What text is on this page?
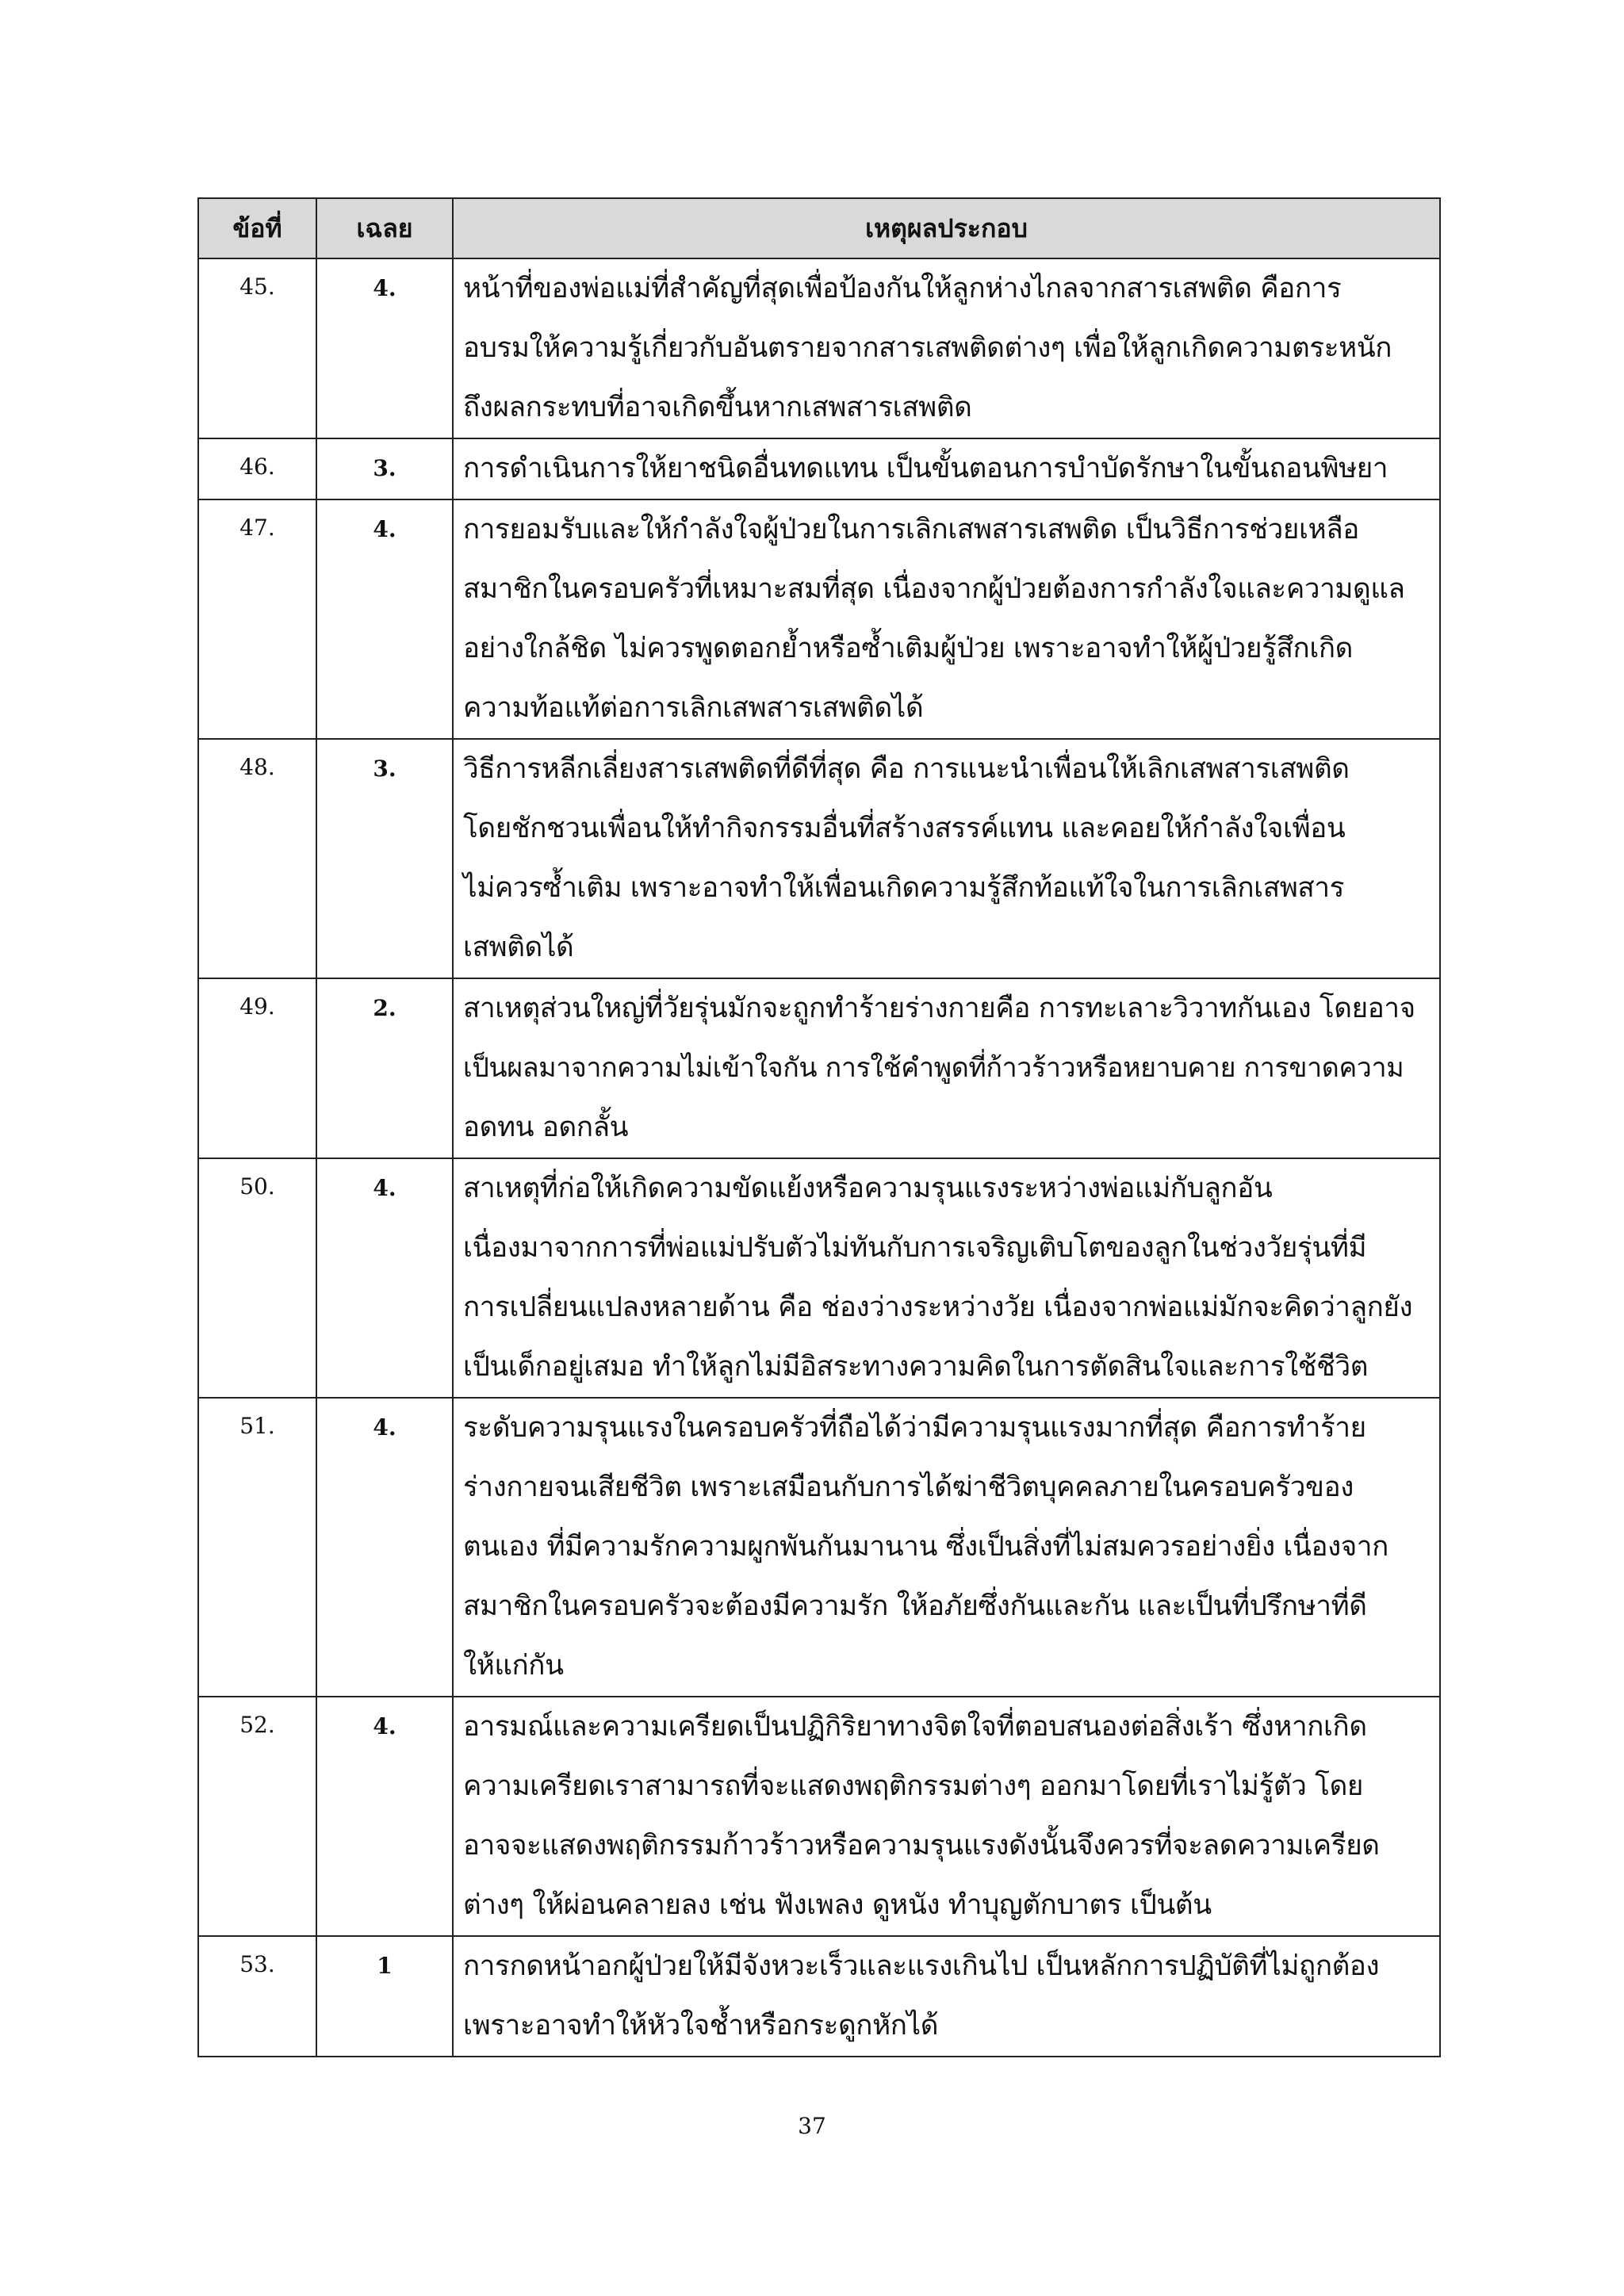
ข้อที่	เฉลย	เหตุผลประกอบ
45.	4.	หน้าที่ของพ่อแม่ที่สำคัญที่สุดเพื่อป้องกันให้ลูกห่างไกลจากสารเสพติด คือการ
อบรมให้ความรู้เกี่ยวกับอันตรายจากสารเสพติดต่างๆ เพื่อให้ลูกเกิดความตระหนัก
ถึงผลกระทบที่อาจเกิดขึ้นหากเสพสารเสพติด

46.	3.	การดำเนินการให้ยาชนิดอื่นทดแทน เป็นขั้นตอนการบำบัดรักษาในขั้นถอนพิษยา

47.	4.	การยอมรับและให้กำลังใจผู้ป่วยในการเลิกเสพสารเสพติด เป็นวิธีการช่วยเหลือ
สมาชิกในครอบครัวที่เหมาะสมที่สุด เนื่องจากผู้ป่วยต้องการกำลังใจและความดูแล
อย่างใกล้ชิด ไม่ควรพูดตอกย้ำหรือซ้ำเติมผู้ป่วย เพราะอาจทำให้ผู้ป่วยรู้สึกเกิด
ความท้อแท้ต่อการเลิกเสพสารเสพติดได้

48.	3.	วิธีการหลีกเลี่ยงสารเสพติดที่ดีที่สุด คือ การแนะนำเพื่อนให้เลิกเสพสารเสพติด
โดยชักชวนเพื่อนให้ทำกิจกรรมอื่นที่สร้างสรรค์แทน และคอยให้กำลังใจเพื่อน
ไม่ควรซ้ำเติม เพราะอาจทำให้เพื่อนเกิดความรู้สึกท้อแท้ใจในการเลิกเสพสาร
เสพติดได้

49.	2.	สาเหตุส่วนใหญ่ที่วัยรุ่นมักจะถูกทำร้ายร่างกายคือ การทะเลาะวิวาทกันเอง โดยอาจ
เป็นผลมาจากความไม่เข้าใจกัน การใช้คำพูดที่ก้าวร้าวหรือหยาบคาย การขาดความ
อดทน อดกลั้น

50.	4.	สาเหตุที่ก่อให้เกิดความขัดแย้งหรือความรุนแรงระหว่างพ่อแม่กับลูกอัน
เนื่องมาจากการที่พ่อแม่ปรับตัวไม่ทันกับการเจริญเติบโตของลูกในช่วงวัยรุ่นที่มี
การเปลี่ยนแปลงหลายด้าน คือ ช่องว่างระหว่างวัย เนื่องจากพ่อแม่มักจะคิดว่าลูกยัง
เป็นเด็กอยู่เสมอ ทำให้ลูกไม่มีอิสระทางความคิดในการตัดสินใจและการใช้ชีวิต

51.	4.	ระดับความรุนแรงในครอบครัวที่ถือได้ว่ามีความรุนแรงมากที่สุด คือการทำร้าย
ร่างกายจนเสียชีวิต เพราะเสมือนกับการได้ฆ่าชีวิตบุคคลภายในครอบครัวของ
ตนเอง ที่มีความรักความผูกพันกันมานาน ซึ่งเป็นสิ่งที่ไม่สมควรอย่างยิ่ง เนื่องจาก
สมาชิกในครอบครัวจะต้องมีความรัก ให้อภัยซึ่งกันและกัน และเป็นที่ปรึกษาที่ดี
ให้แก่กัน

52.	4.	อารมณ์และความเครียดเป็นปฏิกิริยาทางจิตใจที่ตอบสนองต่อสิ่งเร้า ซึ่งหากเกิด
ความเครียดเราสามารถที่จะแสดงพฤติกรรมต่างๆ ออกมาโดยที่เราไม่รู้ตัว โดย
อาจจะแสดงพฤติกรรมก้าวร้าวหรือความรุนแรงดังนั้นจึงควรที่จะลดความเครียด
ต่างๆ ให้ผ่อนคลายลง เช่น ฟังเพลง ดูหนัง ทำบุญตักบาตร เป็นต้น

53.	1	การกดหน้าอกผู้ป่วยให้มีจังหวะเร็วและแรงเกินไป เป็นหลักการปฏิบัติที่ไม่ถูกต้อง
เพราะอาจทำให้หัวใจช้ำหรือกระดูกหักได้
37
